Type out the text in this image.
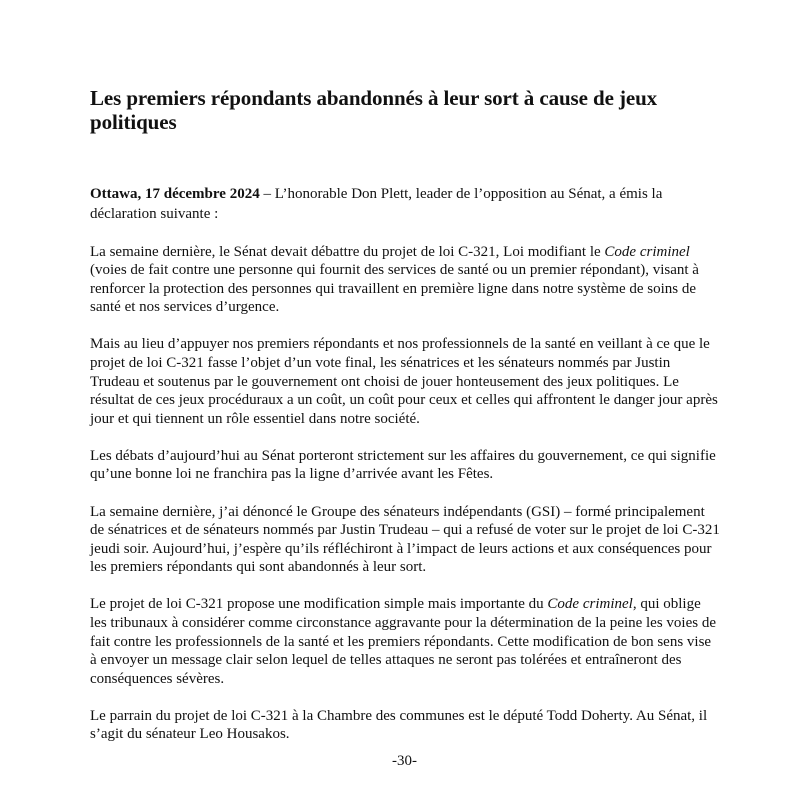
Les premiers répondants abandonnés à leur sort à cause de jeux politiques

Ottawa, 17 décembre 2024 – L’honorable Don Plett, leader de l’opposition au Sénat, a émis la déclaration suivante :

La semaine dernière, le Sénat devait débattre du projet de loi C-321, Loi modifiant le Code criminel (voies de fait contre une personne qui fournit des services de santé ou un premier répondant), visant à renforcer la protection des personnes qui travaillent en première ligne dans notre système de soins de santé et nos services d’urgence.

Mais au lieu d’appuyer nos premiers répondants et nos professionnels de la santé en veillant à ce que le projet de loi C-321 fasse l’objet d’un vote final, les sénatrices et les sénateurs nommés par Justin Trudeau et soutenus par le gouvernement ont choisi de jouer honteusement des jeux politiques. Le résultat de ces jeux procéduraux a un coût, un coût pour ceux et celles qui affrontent le danger jour après jour et qui tiennent un rôle essentiel dans notre société.

Les débats d’aujourd’hui au Sénat porteront strictement sur les affaires du gouvernement, ce qui signifie qu’une bonne loi ne franchira pas la ligne d’arrivée avant les Fêtes.

La semaine dernière, j’ai dénoncé le Groupe des sénateurs indépendants (GSI) – formé principalement de sénatrices et de sénateurs nommés par Justin Trudeau – qui a refusé de voter sur le projet de loi C-321 jeudi soir. Aujourd’hui, j’espère qu’ils réfléchiront à l’impact de leurs actions et aux conséquences pour les premiers répondants qui sont abandonnés à leur sort.

Le projet de loi C-321 propose une modification simple mais importante du Code criminel, qui oblige les tribunaux à considérer comme circonstance aggravante pour la détermination de la peine les voies de fait contre les professionnels de la santé et les premiers répondants. Cette modification de bon sens vise à envoyer un message clair selon lequel de telles attaques ne seront pas tolérées et entraîneront des conséquences sévères.

Le parrain du projet de loi C-321 à la Chambre des communes est le député Todd Doherty. Au Sénat, il s’agit du sénateur Leo Housakos.

-30-
